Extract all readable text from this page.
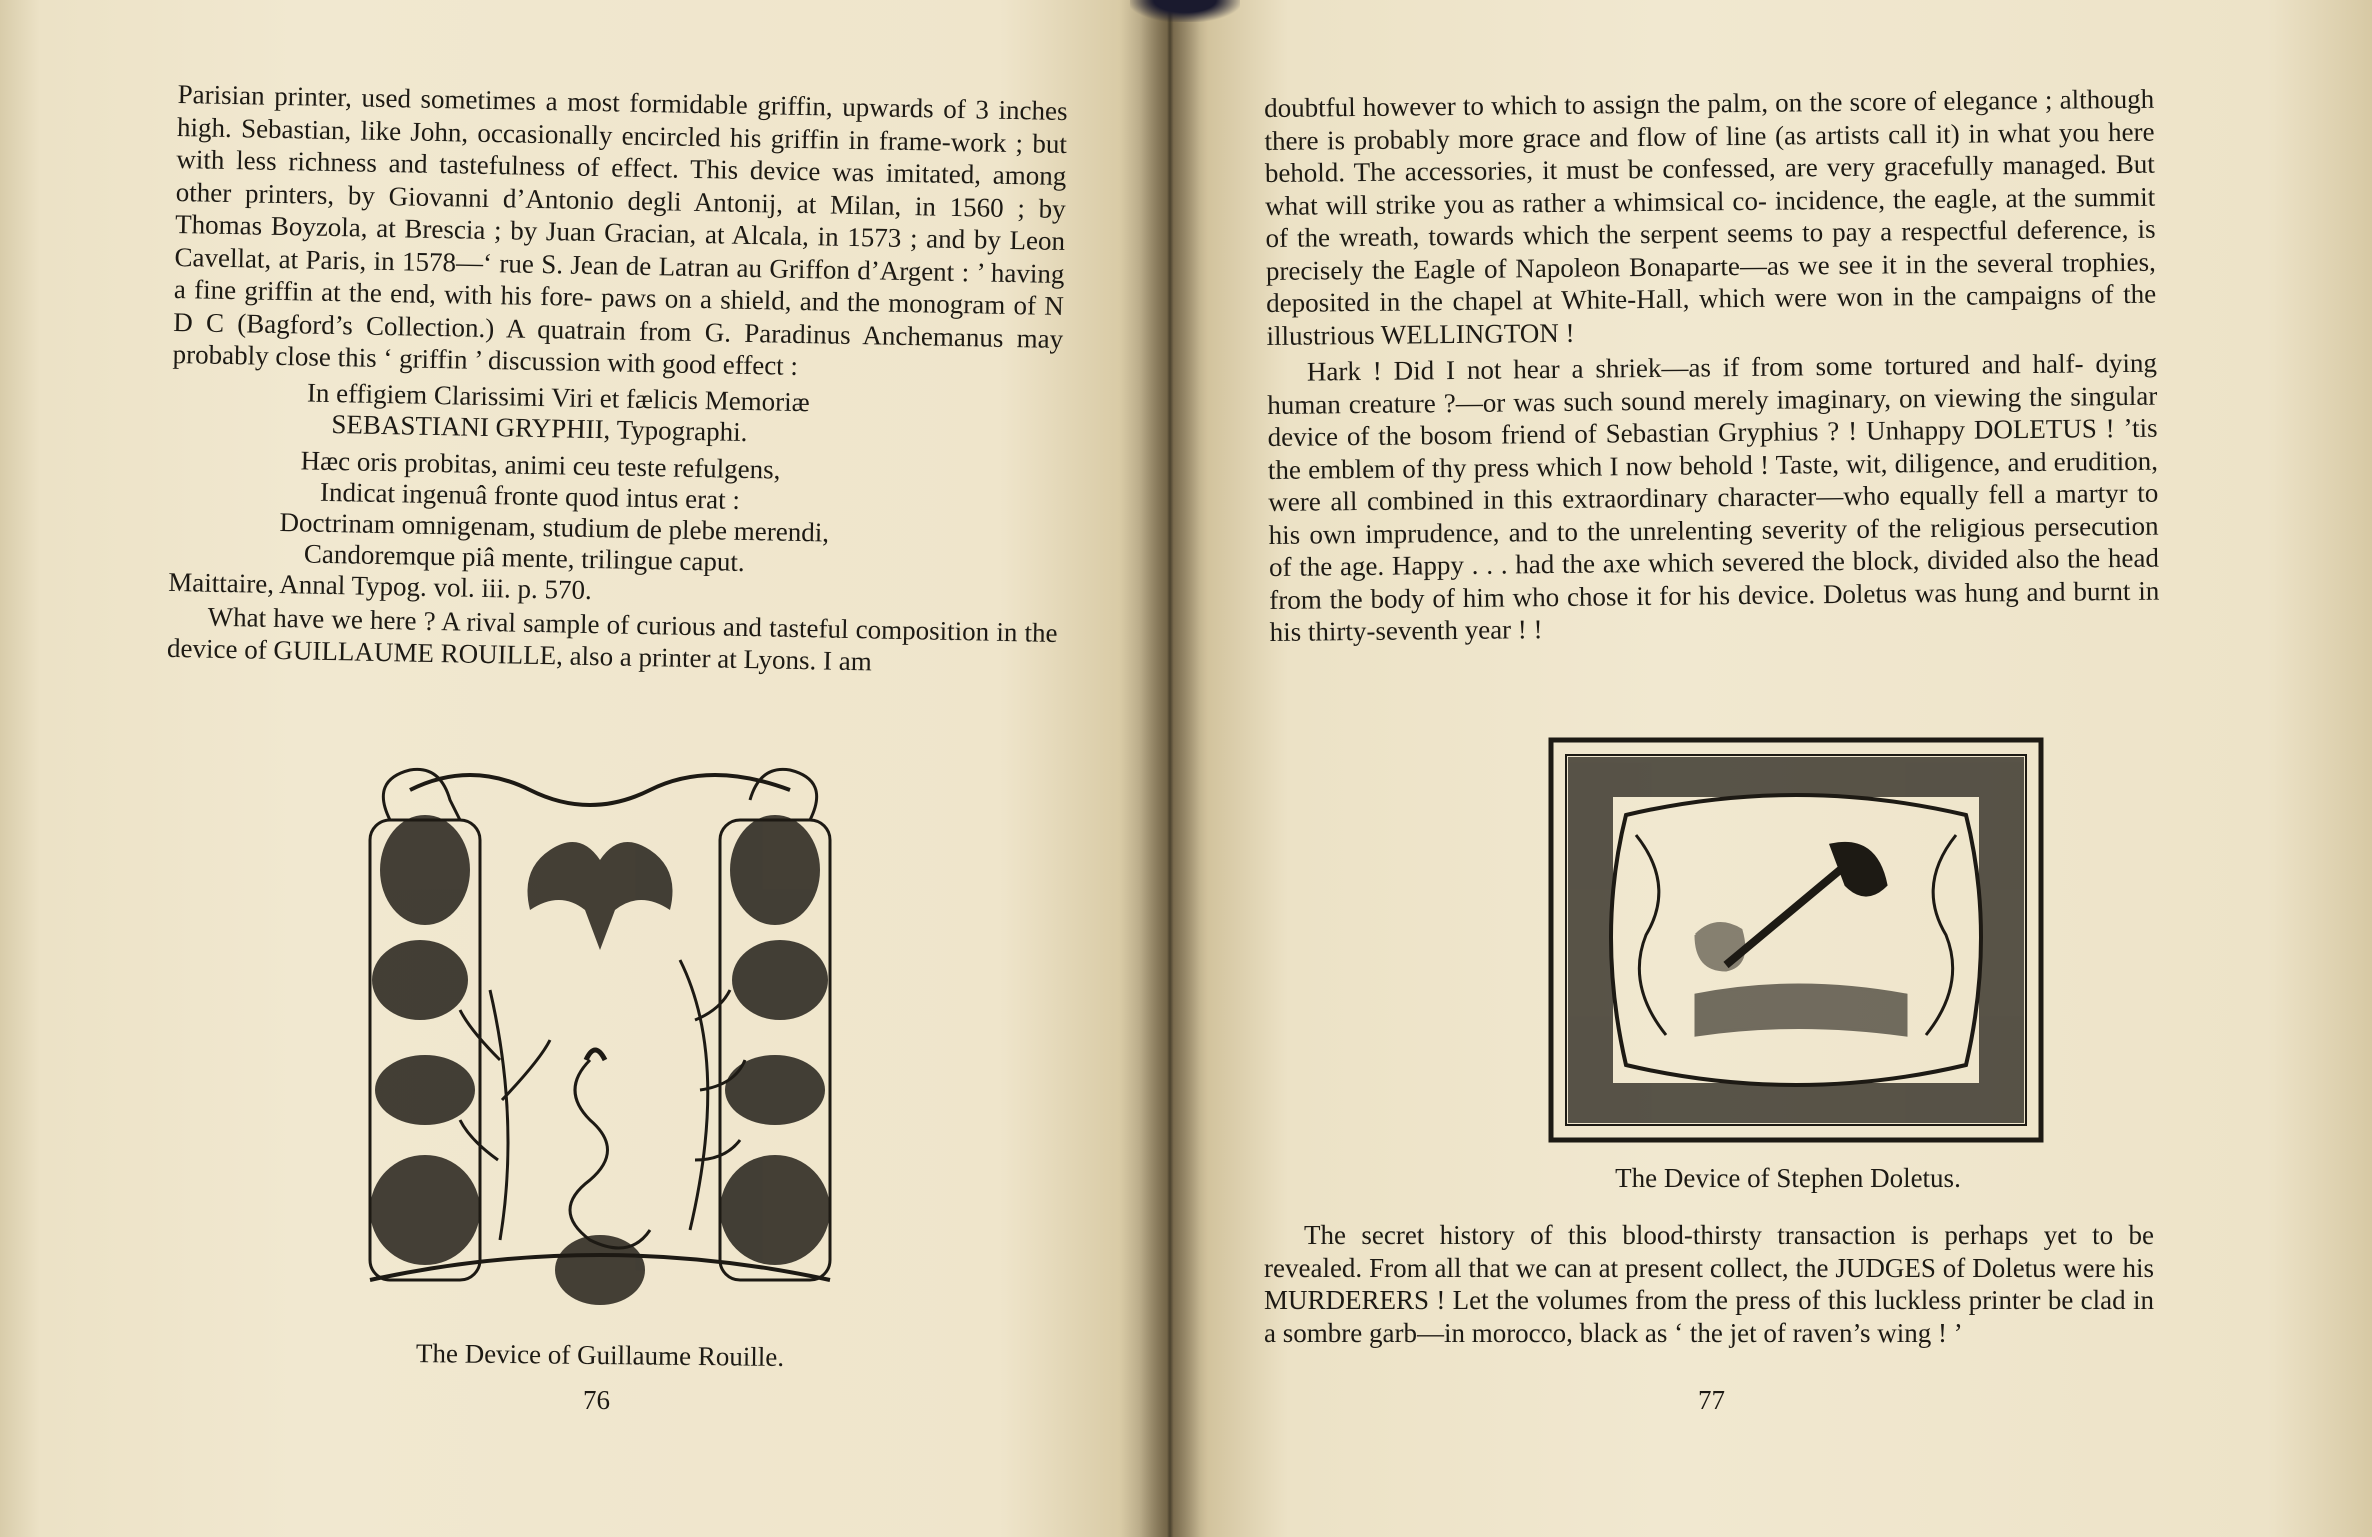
Parisian printer, used sometimes a most formidable griffin, upwards of 3 inches high. Sebastian, like John, occasionally encircled his griffin in frame-work ; but with less richness and tastefulness of effect. This device was imitated, among other printers, by Giovanni d’Antonio degli Antonij, at Milan, in 1560 ; by Thomas Boyzola, at Brescia ; by Juan Gracian, at Alcala, in 1573 ; and by Leon Cavellat, at Paris, in 1578—‘ rue S. Jean de Latran au Griffon d’Argent : ’ having a fine griffin at the end, with his fore- paws on a shield, and the monogram of N D C (Bagford’s Collection.) A quatrain from G. Paradinus Anchemanus may probably close this ‘ griffin ’ discussion with good effect :

In effigiem Clarissimi Viri et fælicis Memoriæ
SEBASTIANI GRYPHII, Typographi.
Hæc oris probitas, animi ceu teste refulgens,
Indicat ingenuâ fronte quod intus erat :
Doctrinam omnigenam, studium de plebe merendi,
Candoremque piâ mente, trilingue caput.
Maittaire, Annal Typog. vol. iii. p. 570.

What have we here ? A rival sample of curious and tasteful composition in the device of GUILLAUME ROUILLE, also a printer at Lyons. I am

The Device of Guillaume Rouille.
76

doubtful however to which to assign the palm, on the score of elegance ; although there is probably more grace and flow of line (as artists call it) in what you here behold. The accessories, it must be confessed, are very gracefully managed. But what will strike you as rather a whimsical co- incidence, the eagle, at the summit of the wreath, towards which the serpent seems to pay a respectful deference, is precisely the Eagle of Napoleon Bonaparte—as we see it in the several trophies, deposited in the chapel at White-Hall, which were won in the campaigns of the illustrious WELLINGTON !

Hark ! Did I not hear a shriek—as if from some tortured and half- dying human creature ?—or was such sound merely imaginary, on viewing the singular device of the bosom friend of Sebastian Gryphius ? ! Unhappy DOLETUS ! ’tis the emblem of thy press which I now behold ! Taste, wit, diligence, and erudition, were all combined in this extraordinary character—who equally fell a martyr to his own imprudence, and to the unrelenting severity of the religious persecution of the age. Happy . . . had the axe which severed the block, divided also the head from the body of him who chose it for his device. Doletus was hung and burnt in his thirty-seventh year ! !

The Device of Stephen Doletus.

The secret history of this blood-thirsty transaction is perhaps yet to be revealed. From all that we can at present collect, the JUDGES of Doletus were his MURDERERS ! Let the volumes from the press of this luckless printer be clad in a sombre garb—in morocco, black as ‘ the jet of raven’s wing ! ’

77
